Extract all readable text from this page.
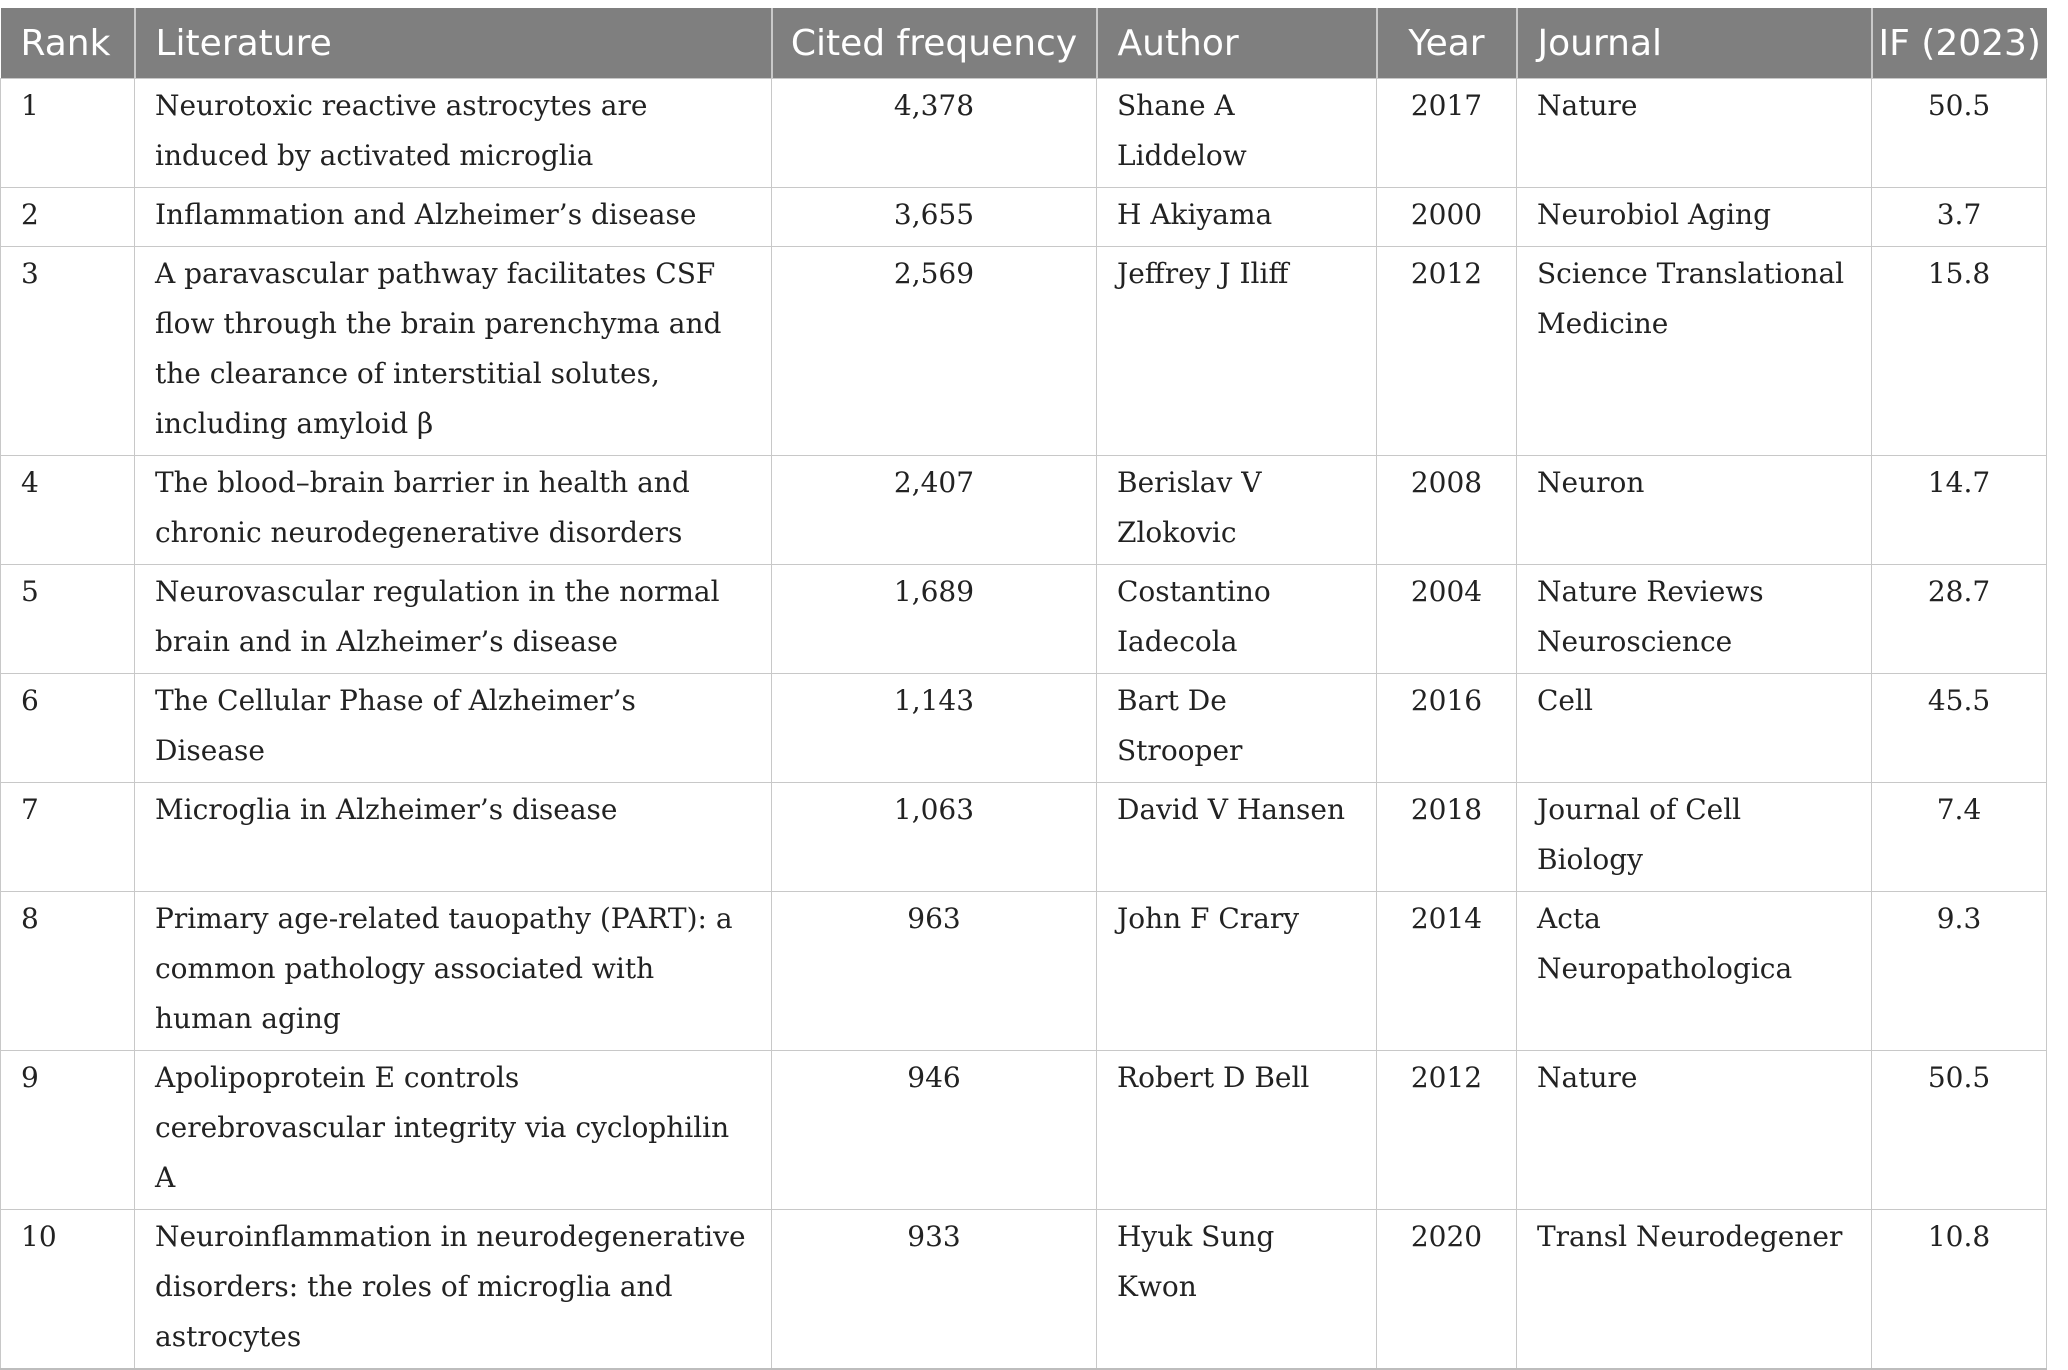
Rank	Literature	Cited frequency	Author	Year	Journal	IF (2023)
1	Neurotoxic reactive astrocytes are induced by activated microglia	4,378	Shane A Liddelow	2017	Nature	50.5
2	Inflammation and Alzheimer’s disease	3,655	H Akiyama	2000	Neurobiol Aging	3.7
3	A paravascular pathway facilitates CSF flow through the brain parenchyma and the clearance of interstitial solutes, including amyloid β	2,569	Jeffrey J Iliff	2012	Science Translational Medicine	15.8
4	The blood–brain barrier in health and chronic neurodegenerative disorders	2,407	Berislav V Zlokovic	2008	Neuron	14.7
5	Neurovascular regulation in the normal brain and in Alzheimer’s disease	1,689	Costantino Iadecola	2004	Nature Reviews Neuroscience	28.7
6	The Cellular Phase of Alzheimer’s Disease	1,143	Bart De Strooper	2016	Cell	45.5
7	Microglia in Alzheimer’s disease	1,063	David V Hansen	2018	Journal of Cell Biology	7.4
8	Primary age-related tauopathy (PART): a common pathology associated with human aging	963	John F Crary	2014	Acta Neuropathologica	9.3
9	Apolipoprotein E controls cerebrovascular integrity via cyclophilin A	946	Robert D Bell	2012	Nature	50.5
10	Neuroinflammation in neurodegenerative disorders: the roles of microglia and astrocytes	933	Hyuk Sung Kwon	2020	Transl Neurodegener	10.8
